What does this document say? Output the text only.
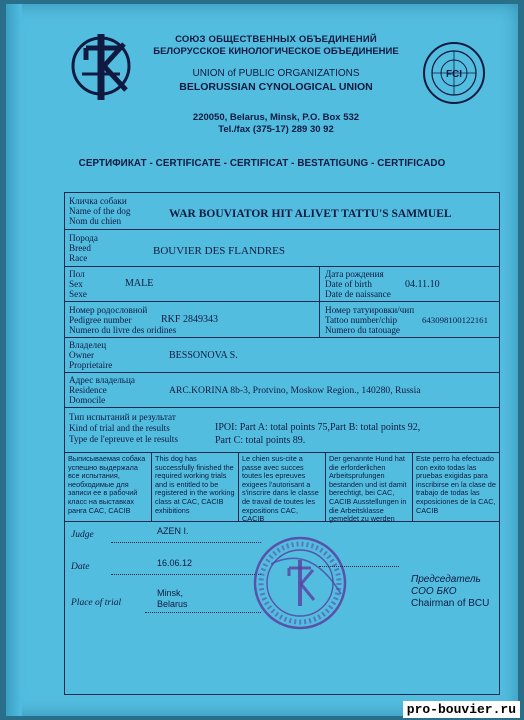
FCI
СОЮЗ ОБЩЕСТВЕННЫХ ОБЪЕДИНЕНИЙ
БЕЛОРУССКОЕ КИНОЛОГИЧЕСКОЕ ОБЪЕДИНЕНИЕ
UNION of PUBLIC ORGANIZATIONS
BELORUSSIAN CYNOLOGICAL UNION
220050, Belarus, Minsk, P.O. Box 532
Tel./fax (375-17) 289 30 92
СЕРТИФИКАТ - CERTIFICATE - CERTIFICAT - BESTATIGUNG - CERTIFICADO
Кличка собаки
Name of the dog
Nom du chien
WAR BOUVIATOR HIT ALIVET TATTU'S SAMMUEL
Порода
Breed
Race
BOUVIER DES FLANDRES
Пол
Sex
Sexe
MALE
Дата рождения
Date of birth
Date de naissance
04.11.10
Номер родословной
Pedigree number
Numero du livre des oridines
RKF 2849343
Номер татуировки/чип
Tattoo number/chip
Numero du tatouage
643098100122161
Владелец
Owner
Proprietaire
BESSONOVA S.
Адрес владельца
Residence
Domocile
ARC.KORINA 8b-3, Protvino, Moskow Region., 140280, Russia
Тип испытаний и результат
Kind of trial and the results
Type de l'epreuve et le results
IPOI: Part A: total points 75,Part B: total points 92,
Part C: total points 89.
Выписываемая собака успешно выдержала все испытания, необходимые для записи ее в рабочий класс на выставках ранга CAC, CACIB
This dog has successfully finished the required working trials and is entitled to be registered in the working class at CAC, CACIB exhibitions
Le chien sus-cite a passe avec succes toutes les epreuves exigees l'autorisant a s'inscrire dans le classe de travail de toutes les expositions CAC, CACIB
Der genannte Hund hat die erforderlichen Arbeitsprufungen bestanden und ist damit berechtigt, bei CAC, CACIB Ausstellungen in die Arbeitsklasse gemeldet zu werden
Este perro ha efectuado con exito todas las pruebas exigidas para inscribirse en la clase de trabajo de todas las exposiciones de la CAC, CACIB
Judge	AZEN I.
Date	16.06.12
Place of trial
Minsk,
Belarus
Председатель
СОО БКО
Chairman of BCU
pro-bouvier.ru
